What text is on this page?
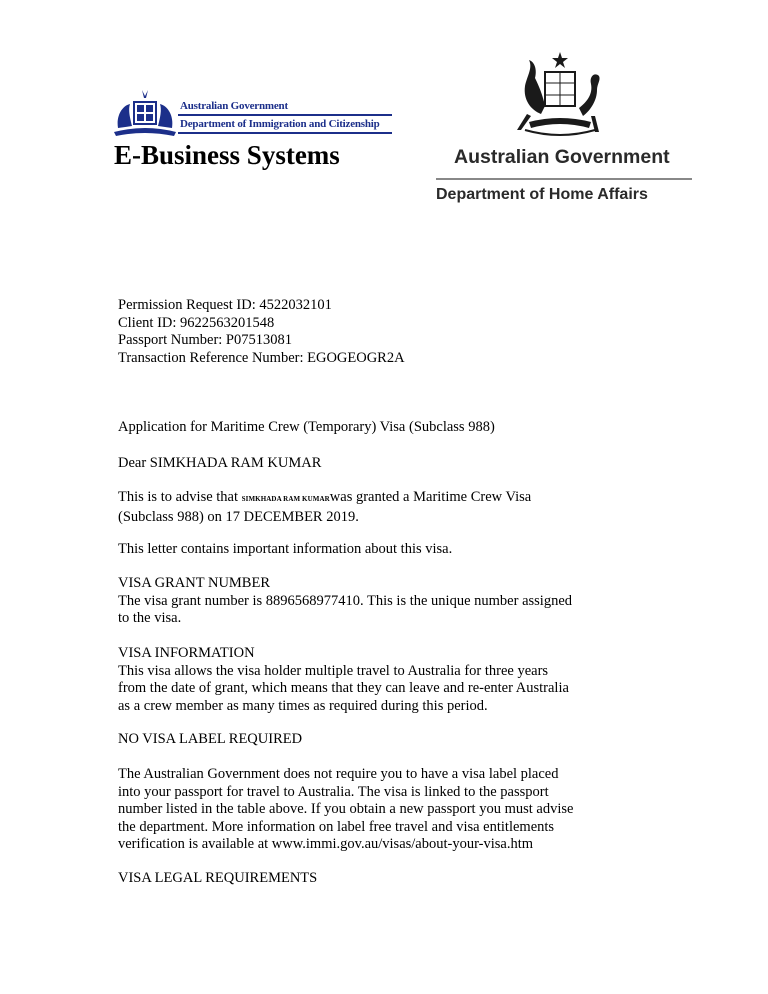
Australian Government
Department of Immigration and Citizenship
E-Business Systems	Australian Government
Department of Home Affairs

Permission Request ID: 4522032101

Client ID: 9622563201548

Passport Number: P07513081

Transaction Reference Number: EGOGEOGR2A

Application for Maritime Crew (Temporary) Visa (Subclass 988)
Dear SIMKHADA RAM KUMAR

This is to advise that SIMKHADA RAM KUMARwas granted a Maritime Crew Visa

(Subclass 988) on 17 DECEMBER 2019.

This letter contains important information about this visa.

VISA GRANT NUMBER

The visa grant number is 8896568977410. This is the unique number assigned

to the visa.

VISA INFORMATION

This visa allows the visa holder multiple travel to Australia for three years

from the date of grant, which means that they can leave and re-enter Australia

as a crew member as many times as required during this period.

NO VISA LABEL REQUIRED

The Australian Government does not require you to have a visa label placed

into your passport for travel to Australia. The visa is linked to the passport

number listed in the table above. If you obtain a new passport you must advise

the department. More information on label free travel and visa entitlements

verification is available at www.immi.gov.au/visas/about-your-visa.htm

VISA LEGAL REQUIREMENTS
